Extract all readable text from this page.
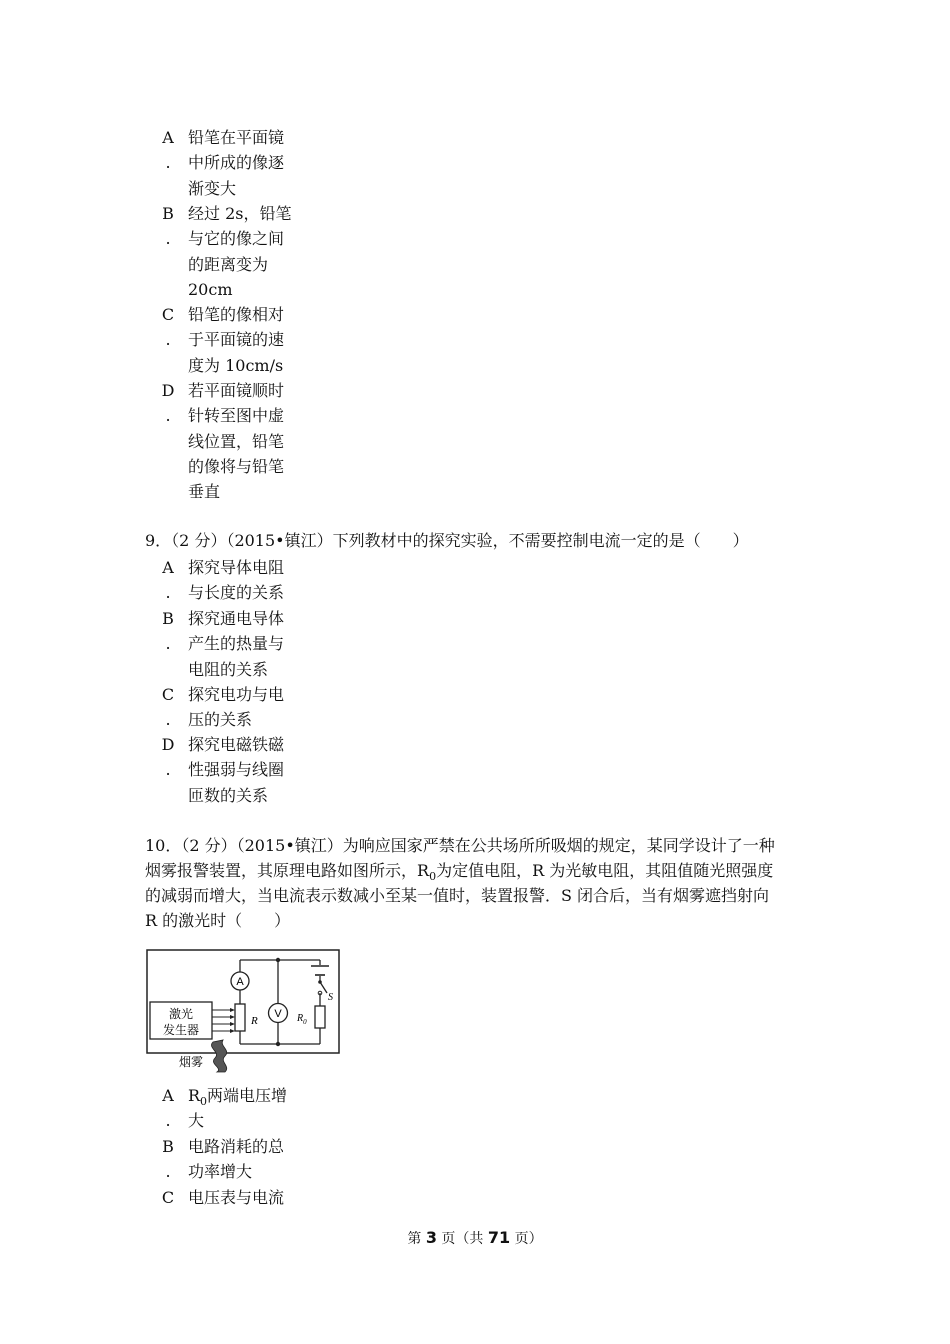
A
.
铅笔在平面镜
中所成的像逐
渐变大
B
.
经过 2s，铅笔
与它的像之间
的距离变为
20cm
C
.
铅笔的像相对
于平面镜的速
度为 10cm/s
D
.
若平面镜顺时
针转至图中虚
线位置，铅笔
的像将与铅笔
垂直
9．（2 分）（2015•镇江）下列教材中的探究实验，不需要控制电流一定的是（　　）
A
.
探究导体电阻
与长度的关系
B
.
探究通电导体
产生的热量与
电阻的关系
C
.
探究电功与电
压的关系
D
.
探究电磁铁磁
性强弱与线圈
匝数的关系
10．（2 分）（2015•镇江）为响应国家严禁在公共场所所吸烟的规定，某同学设计了一种
烟雾报警装置，其原理电路如图所示，$R_0$为定值电阻，R 为光敏电阻，其阻值随光照强度
的减弱而增大，当电流表示数减小至某一值时，装置报警．S 闭合后，当有烟雾遮挡射向
R 的激光时（　　）
A
V
R	$R_0$
S
激光
发生器
烟雾
A
.
$R_0$两端电压增
大
B
.
电路消耗的总
功率增大
C 电压表与电流
第 3 页（共 71 页）
